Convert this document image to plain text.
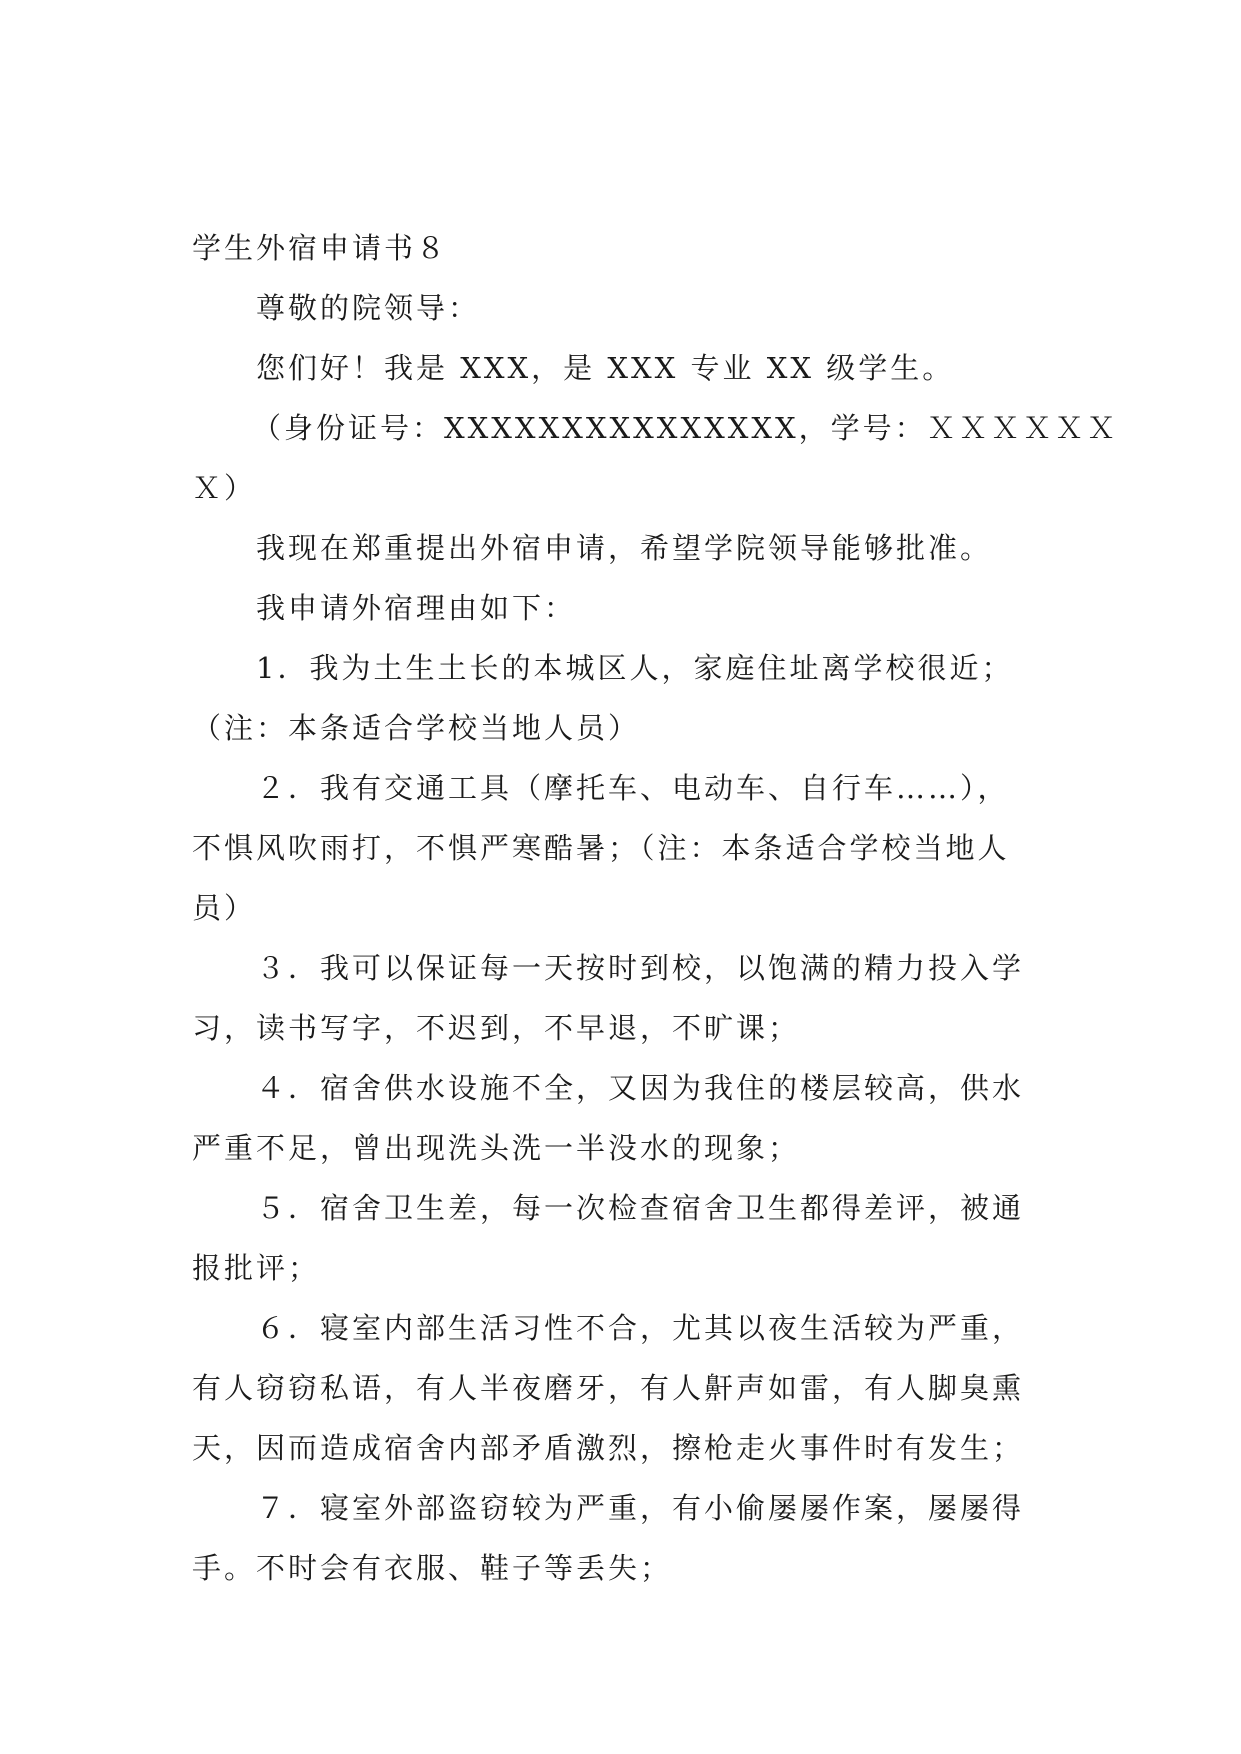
学生外宿申请书８
尊敬的院领导：
您们好！我是 XXX，是 XXX 专业 XX 级学生。
（身份证号：XXXXXXXXXXXXXXX，学号：ＸＸＸＸＸＸ
Ｘ）
我现在郑重提出外宿申请，希望学院领导能够批准。
我申请外宿理由如下：
1．我为土生土长的本城区人，家庭住址离学校很近；
（注：本条适合学校当地人员）
２．我有交通工具（摩托车、电动车、自行车……），
不惧风吹雨打，不惧严寒酷暑；（注：本条适合学校当地人
员）
３．我可以保证每一天按时到校，以饱满的精力投入学
习，读书写字，不迟到，不早退，不旷课；
４．宿舍供水设施不全，又因为我住的楼层较高，供水
严重不足，曾出现洗头洗一半没水的现象；
５．宿舍卫生差，每一次检查宿舍卫生都得差评，被通
报批评；
６．寝室内部生活习性不合，尤其以夜生活较为严重，
有人窃窃私语，有人半夜磨牙，有人鼾声如雷，有人脚臭熏
天，因而造成宿舍内部矛盾激烈，擦枪走火事件时有发生；
７．寝室外部盗窃较为严重，有小偷屡屡作案，屡屡得
手。不时会有衣服、鞋子等丢失；
